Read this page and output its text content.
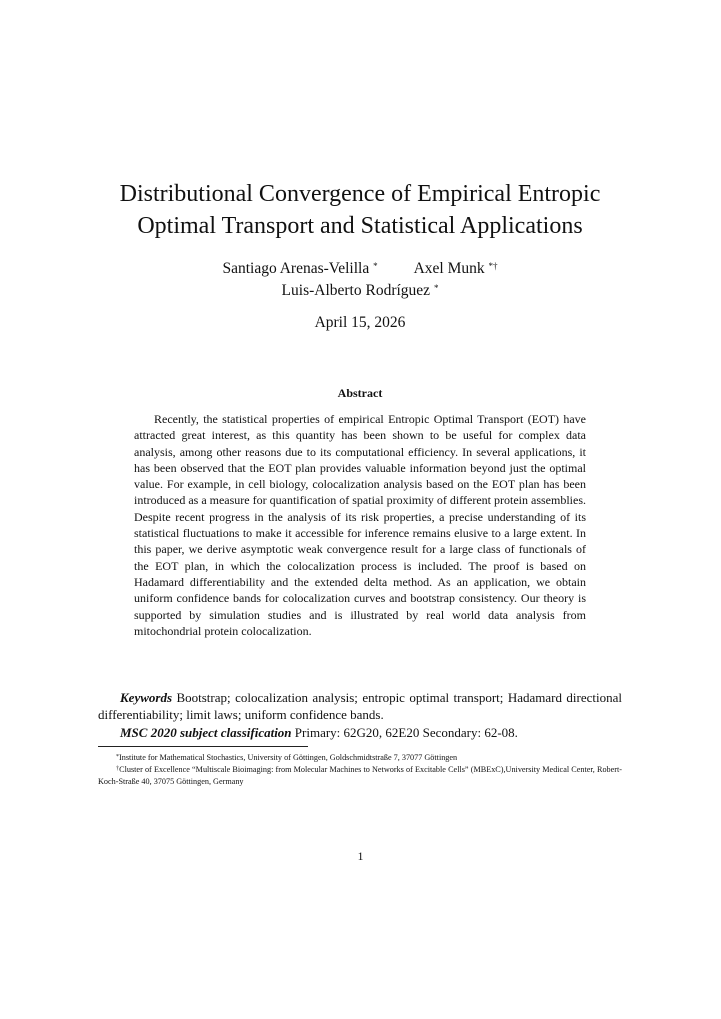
Distributional Convergence of Empirical Entropic
Optimal Transport and Statistical Applications
Santiago Arenas-Velilla * Axel Munk *†
Luis-Alberto Rodríguez *
April 15, 2026
Abstract

Recently, the statistical properties of empirical Entropic Optimal Transport (EOT) have attracted great interest, as this quantity has been shown to be useful for complex data analysis, among other reasons due to its computational efficiency. In several applications, it has been observed that the EOT plan provides valuable information beyond just the optimal value. For example, in cell biology, colocalization analysis based on the EOT plan has been introduced as a measure for quantification of spatial proximity of different protein assemblies. Despite recent progress in the analysis of its risk properties, a precise understanding of its statistical fluctuations to make it accessible for inference remains elusive to a large extent. In this paper, we derive asymptotic weak convergence result for a large class of functionals of the EOT plan, in which the colocalization process is included. The proof is based on Hadamard differentiability and the extended delta method. As an application, we obtain uniform confidence bands for colocalization curves and bootstrap consistency. Our theory is supported by simulation studies and is illustrated by real world data analysis from mitochondrial protein colocalization.

Keywords Bootstrap; colocalization analysis; entropic optimal transport; Hadamard directional differentiability; limit laws; uniform confidence bands.

MSC 2020 subject classification Primary: 62G20, 62E20 Secondary: 62-08.

*Institute for Mathematical Stochastics, University of Göttingen, Goldschmidtstraße 7, 37077 Göttingen

†Cluster of Excellence “Multiscale Bioimaging: from Molecular Machines to Networks of Excitable Cells” (MBExC),University Medical Center, Robert-Koch-Straße 40, 37075 Göttingen, Germany

1
